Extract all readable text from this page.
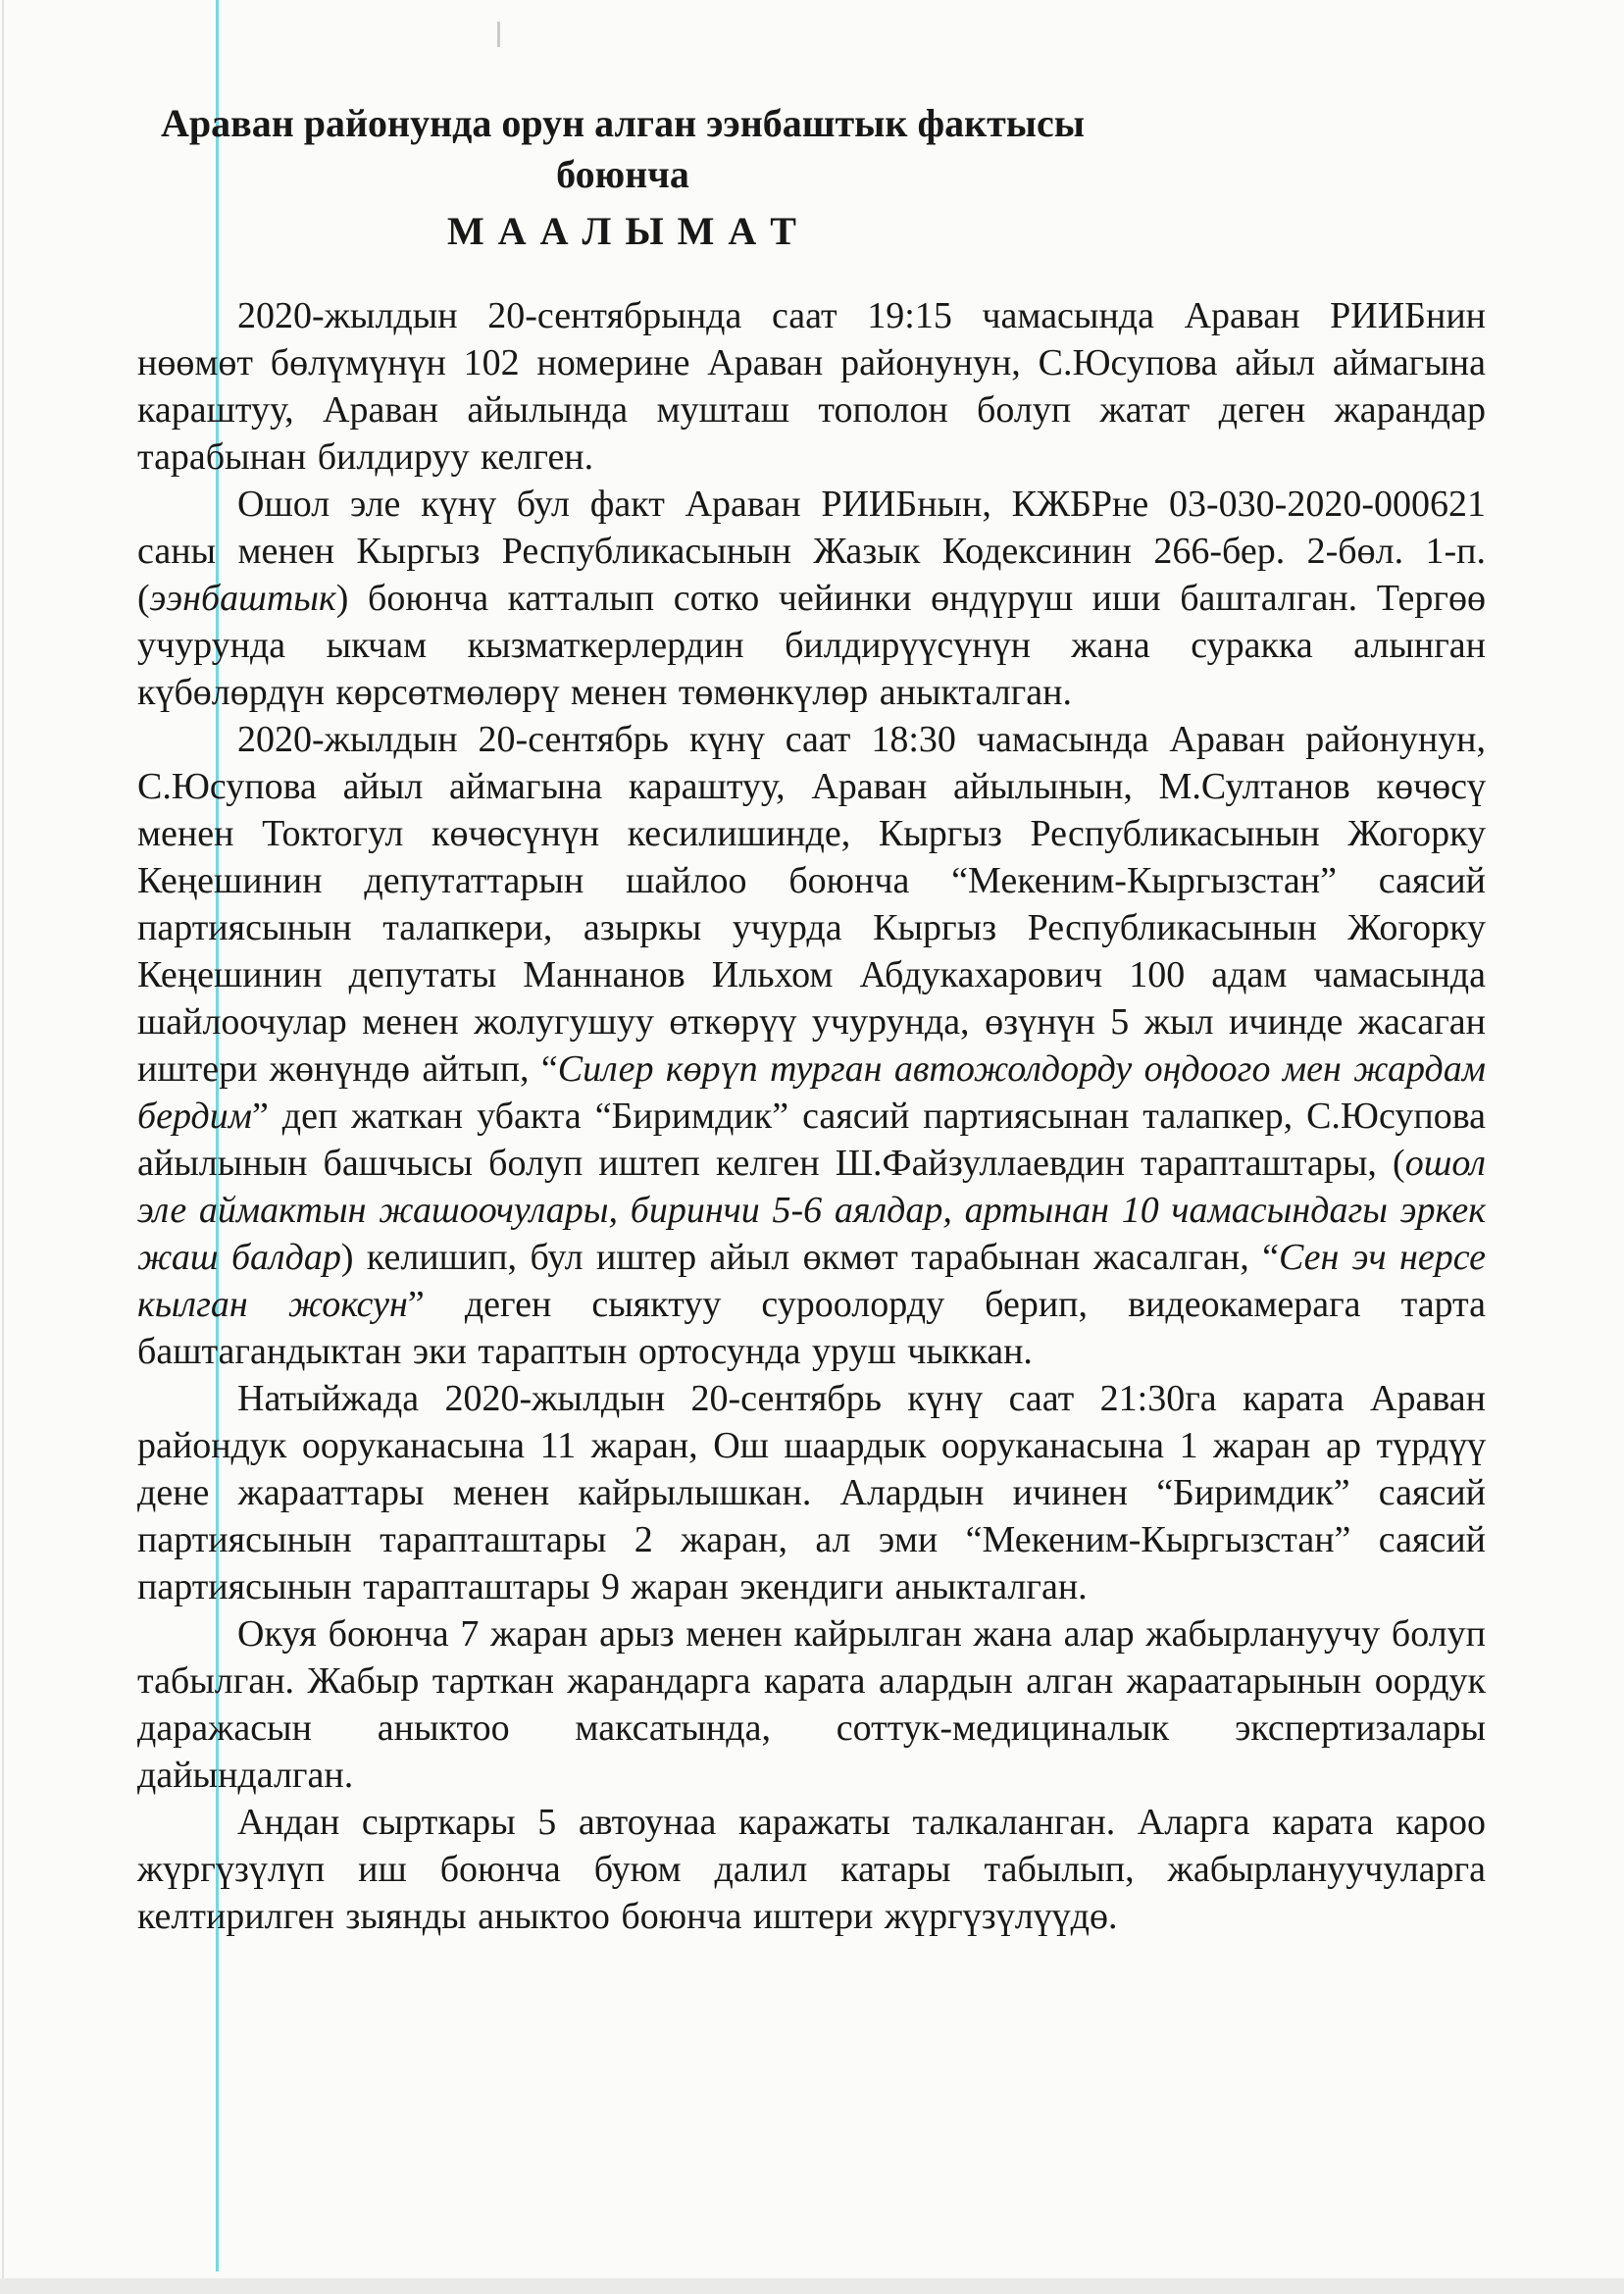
Араван районунда орун алган ээнбаштык фактысы боюнча
М А А Л Ы М А Т

2020-жылдын 20-сентябрында саат 19:15 чамасында Араван РИИБнин нөөмөт бөлүмүнүн 102 номерине Араван районунун, С.Юсупова айыл аймагына караштуу, Араван айылында мушташ тополон болуп жатат деген жарандар тарабынан билдируу келген.

Ошол эле күнү бул факт Араван РИИБнын, КЖБРне 03-030-2020-000621 саны менен Кыргыз Республикасынын Жазык Кодексинин 266-бер. 2-бөл. 1-п. (ээнбаштык) боюнча катталып сотко чейинки өндүрүш иши башталган. Тергөө учурунда ыкчам кызматкерлердин билдирүүсүнүн жана суракка алынган күбөлөрдүн көрсөтмөлөрү менен төмөнкүлөр аныкталган.

2020-жылдын 20-сентябрь күнү саат 18:30 чамасында Араван районунун, С.Юсупова айыл аймагына караштуу, Араван айылынын, М.Султанов көчөсү менен Токтогул көчөсүнүн кесилишинде, Кыргыз Республикасынын Жогорку Кеңешинин депутаттарын шайлоо боюнча “Мекеним-Кыргызстан” саясий партиясынын талапкери, азыркы учурда Кыргыз Республикасынын Жогорку Кеңешинин депутаты Маннанов Ильхом Абдукахарович 100 адам чамасында шайлоочулар менен жолугушуу өткөрүү учурунда, өзүнүн 5 жыл ичинде жасаган иштери жөнүндө айтып, “Силер көрүп турган автожолдорду оңдоого мен жардам бердим” деп жаткан убакта “Биримдик” саясий партиясынан талапкер, С.Юсупова айылынын башчысы болуп иштеп келген Ш.Файзуллаевдин тарапташтары, (ошол эле аймактын жашоочулары, биринчи 5-6 аялдар, артынан 10 чамасындагы эркек жаш балдар) келишип, бул иштер айыл өкмөт тарабынан жасалган, “Сен эч нерсе кылган жоксун” деген сыяктуу суроолорду берип, видеокамерага тарта баштагандыктан эки тараптын ортосунда уруш чыккан.

Натыйжада 2020-жылдын 20-сентябрь күнү саат 21:30га карата Араван райондук ооруканасына 11 жаран, Ош шаардык ооруканасына 1 жаран ар түрдүү дене жарааттары менен кайрылышкан. Алардын ичинен “Биримдик” саясий партиясынын тарапташтары 2 жаран, ал эми “Мекеним-Кыргызстан” саясий партиясынын тарапташтары 9 жаран экендиги аныкталган.

Окуя боюнча 7 жаран арыз менен кайрылган жана алар жабырлануучу болуп табылган. Жабыр тарткан жарандарга карата алардын алган жараатарынын оордук даражасын аныктоо максатында, соттук-медициналык экспертизалары дайындалган.

Андан сырткары 5 автоунаа каражаты талкаланган. Аларга карата кароо жүргүзүлүп иш боюнча буюм далил катары табылып, жабырлануучуларга келтирилген зыянды аныктоо боюнча иштери жүргүзүлүүдө.
